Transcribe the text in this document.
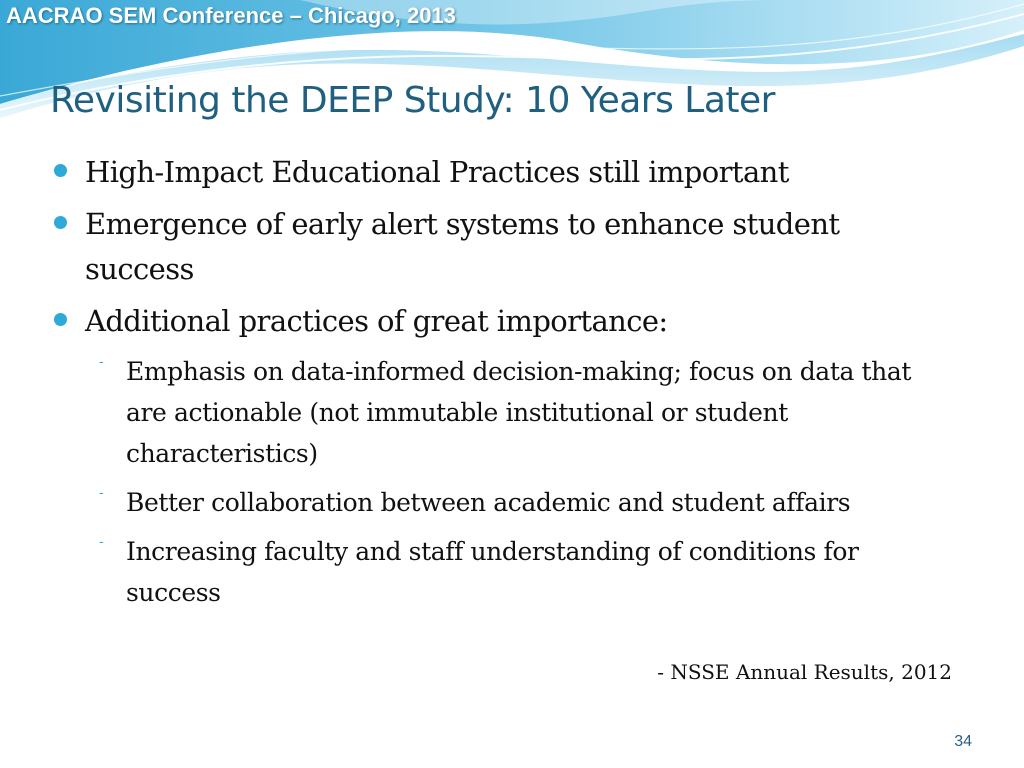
AACRAO SEM Conference – Chicago, 2013
Revisiting the DEEP Study: 10 Years Later
High-Impact Educational Practices still important
Emergence of early alert systems to enhance student success
Additional practices of great importance:
- Emphasis on data-informed decision-making; focus on data that are actionable (not immutable institutional or student characteristics)
- Better collaboration between academic and student affairs
- Increasing faculty and staff understanding of conditions for success
- NSSE Annual Results, 2012
34
